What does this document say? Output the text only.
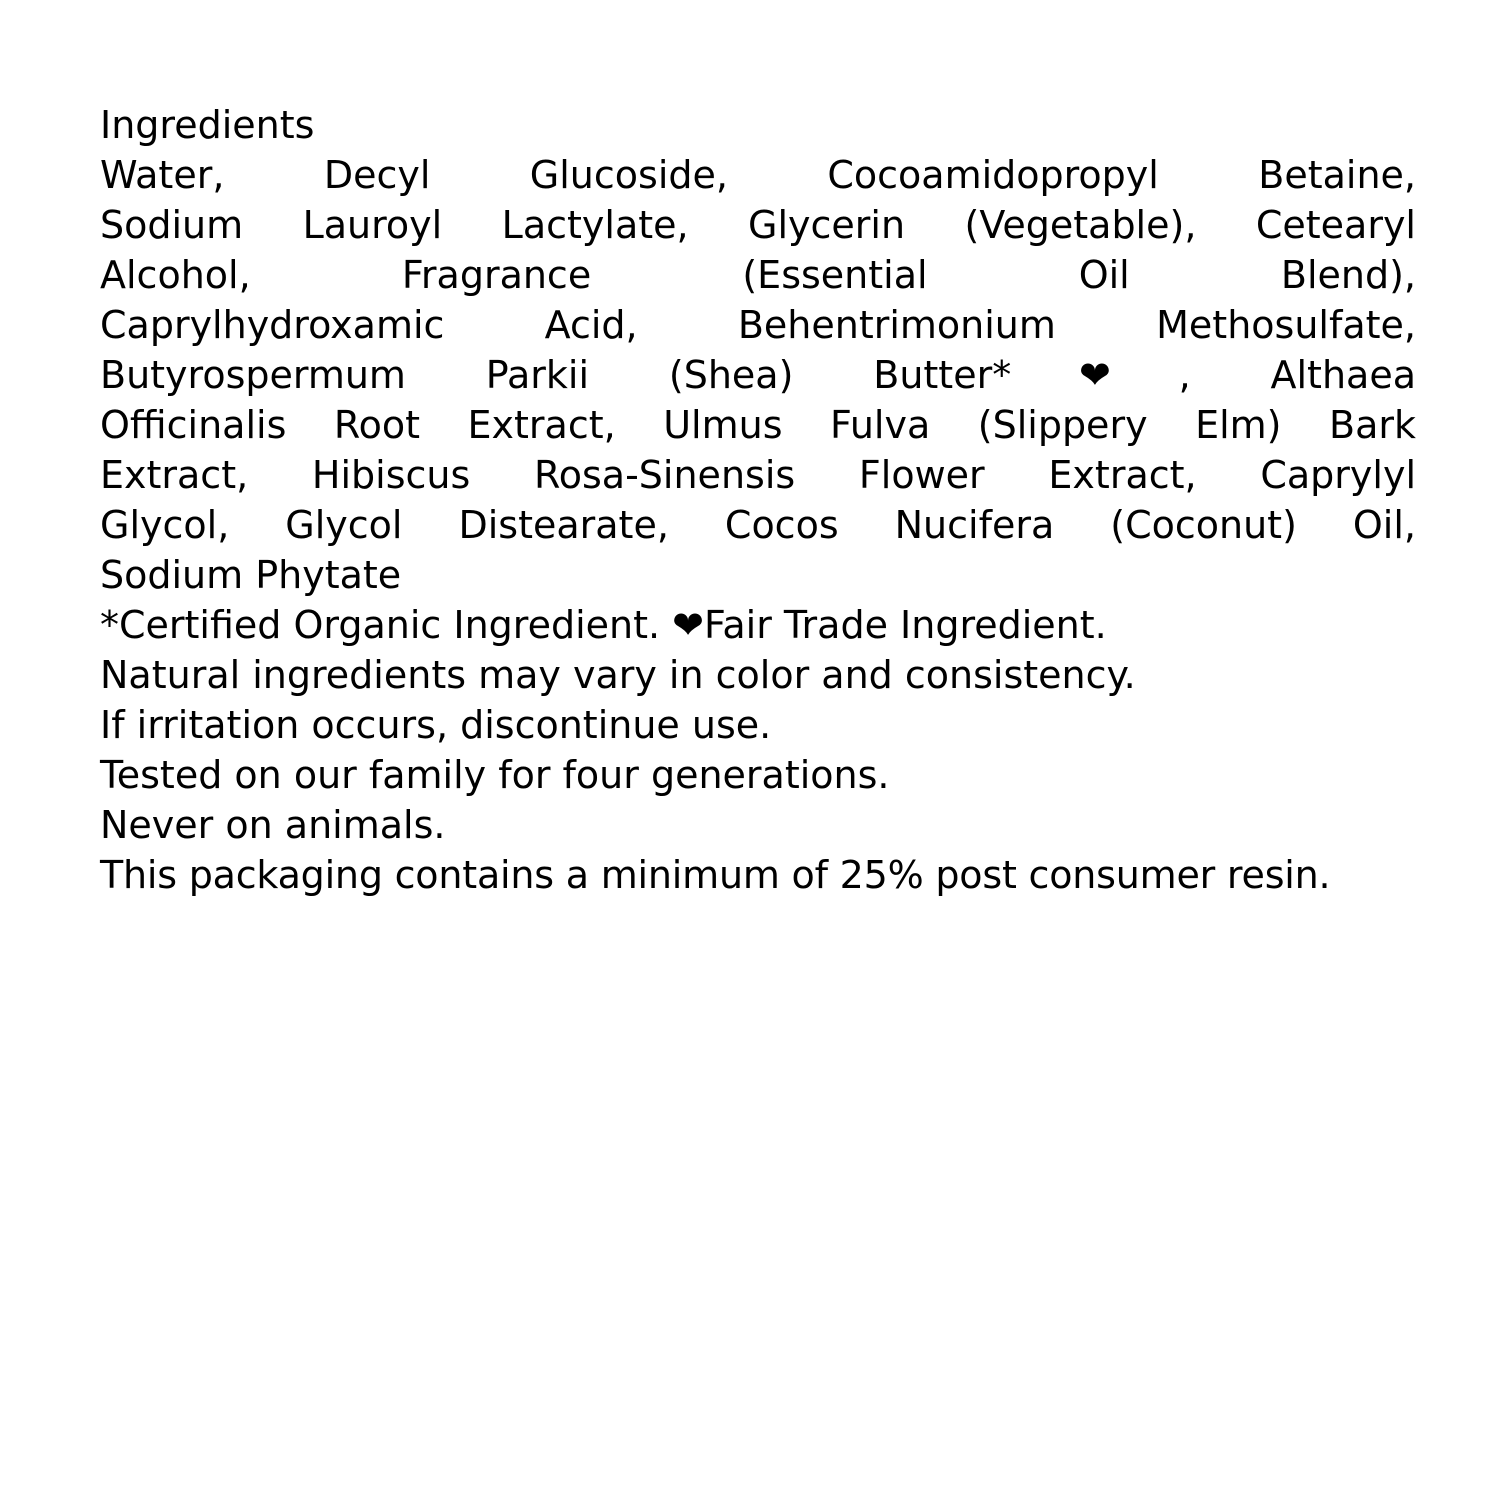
Ingredients
Water, Decyl Glucoside, Cocoamidopropyl Betaine,
Sodium Lauroyl Lactylate, Glycerin (Vegetable), Cetearyl
Alcohol, Fragrance (Essential Oil Blend),
Caprylhydroxamic Acid, Behentrimonium Methosulfate,
Butyrospermum Parkii (Shea) Butter*❤, Althaea
Officinalis Root Extract, Ulmus Fulva (Slippery Elm) Bark
Extract, Hibiscus Rosa-Sinensis Flower Extract, Caprylyl
Glycol, Glycol Distearate, Cocos Nucifera (Coconut) Oil,
Sodium Phytate
*Certified Organic Ingredient. ❤Fair Trade Ingredient.
Natural ingredients may vary in color and consistency.
If irritation occurs, discontinue use.
Tested on our family for four generations.
Never on animals.
This packaging contains a minimum of 25% post consumer resin.
